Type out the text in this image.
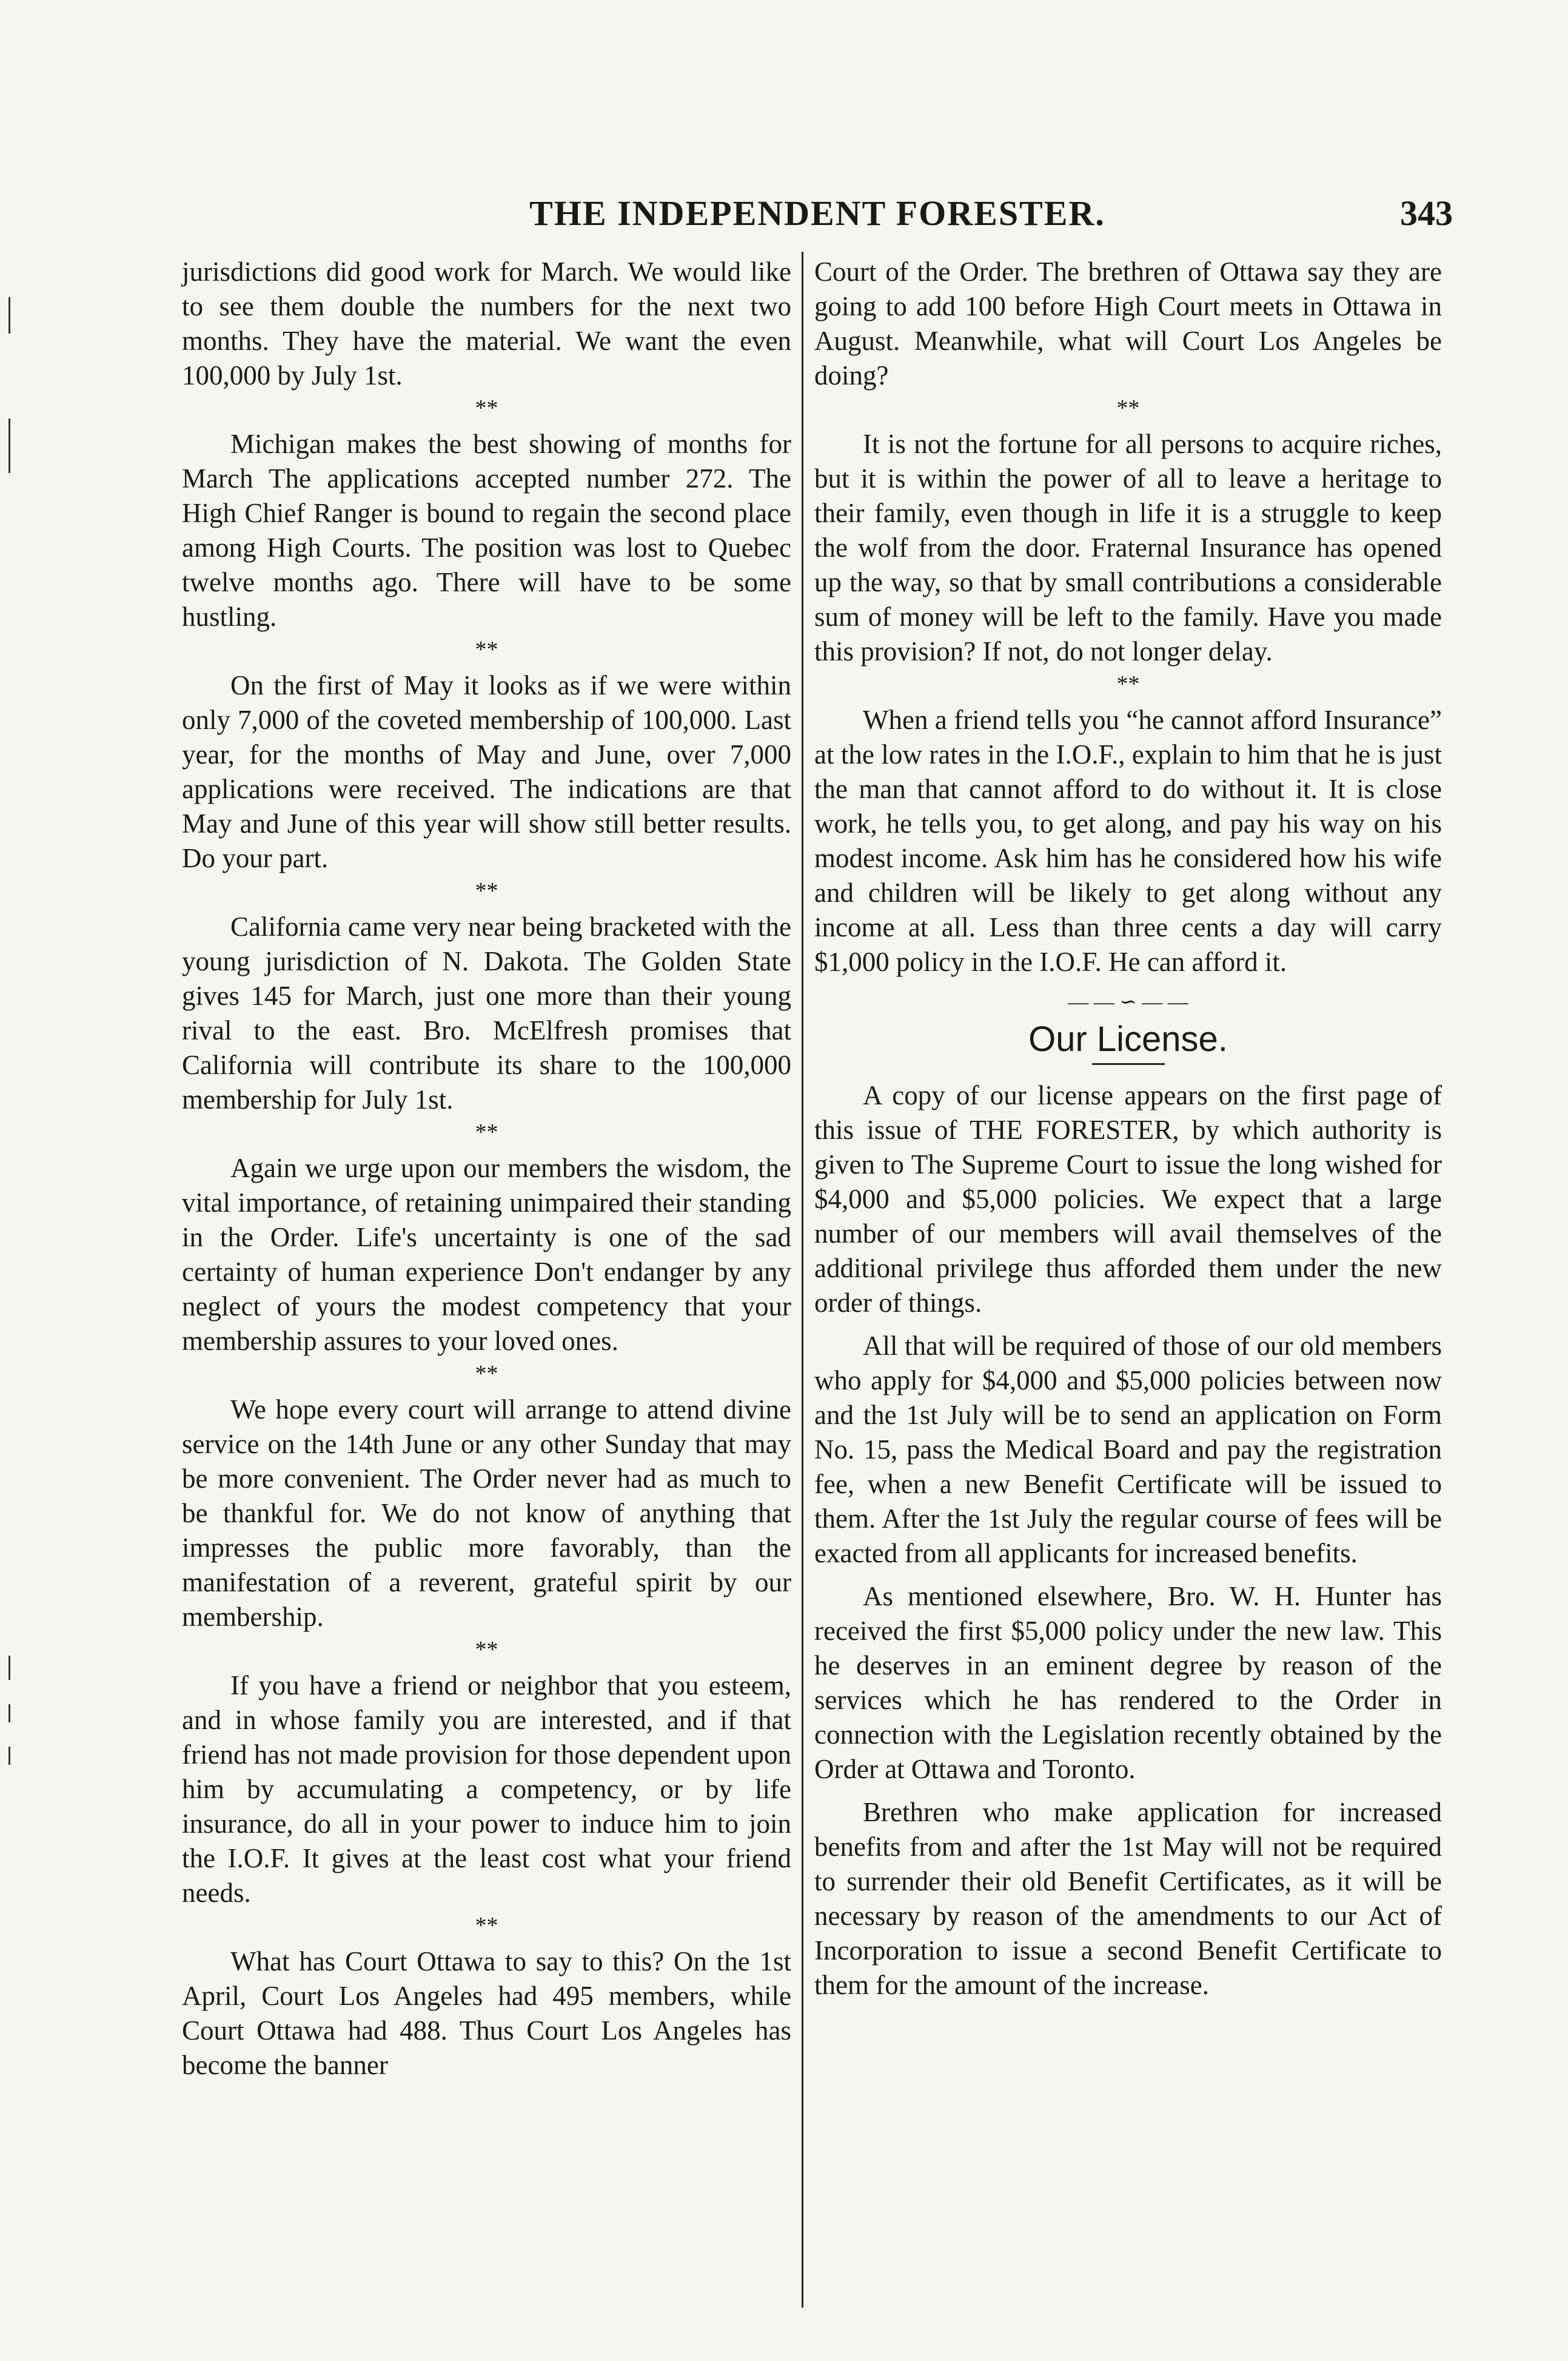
THE INDEPENDENT FORESTER.	343

jurisdictions did good work for March. We would like to see them double the numbers for the next two months. They have the material. We want the even 100,000 by July 1st.

**

Michigan makes the best showing of months for March The applications accepted number 272. The High Chief Ranger is bound to regain the second place among High Courts. The position was lost to Quebec twelve months ago. There will have to be some hustling.

**

On the first of May it looks as if we were within only 7,000 of the coveted membership of 100,000. Last year, for the months of May and June, over 7,000 applications were received. The indications are that May and June of this year will show still better results. Do your part.

**

California came very near being bracketed with the young jurisdiction of N. Dakota. The Golden State gives 145 for March, just one more than their young rival to the east. Bro. McElfresh promises that California will contribute its share to the 100,000 membership for July 1st.

**

Again we urge upon our members the wisdom, the vital importance, of retaining unimpaired their standing in the Order. Life's uncertainty is one of the sad certainty of human experience Don't endanger by any neglect of yours the modest competency that your membership assures to your loved ones.

**

We hope every court will arrange to attend divine service on the 14th June or any other Sunday that may be more convenient. The Order never had as much to be thankful for. We do not know of anything that impresses the public more favorably, than the manifestation of a reverent, grateful spirit by our membership.

**

If you have a friend or neighbor that you esteem, and in whose family you are interested, and if that friend has not made provision for those dependent upon him by accumulating a competency, or by life insurance, do all in your power to induce him to join the I.O.F. It gives at the least cost what your friend needs.

**

What has Court Ottawa to say to this? On the 1st April, Court Los Angeles had 495 members, while Court Ottawa had 488. Thus Court Los Angeles has become the banner

Court of the Order. The brethren of Ottawa say they are going to add 100 before High Court meets in Ottawa in August. Meanwhile, what will Court Los Angeles be doing?

**

It is not the fortune for all persons to acquire riches, but it is within the power of all to leave a heritage to their family, even though in life it is a struggle to keep the wolf from the door. Fraternal Insurance has opened up the way, so that by small contributions a considerable sum of money will be left to the family. Have you made this provision? If not, do not longer delay.

**

When a friend tells you “he cannot afford Insurance” at the low rates in the I.O.F., explain to him that he is just the man that cannot afford to do without it. It is close work, he tells you, to get along, and pay his way on his modest income. Ask him has he considered how his wife and children will be likely to get along without any income at all. Less than three cents a day will carry $1,000 policy in the I.O.F. He can afford it.

— — ∽ — —
Our License.

A copy of our license appears on the first page of this issue of THE FORESTER, by which authority is given to The Supreme Court to issue the long wished for $4,000 and $5,000 policies. We expect that a large number of our members will avail themselves of the additional privilege thus afforded them under the new order of things.

All that will be required of those of our old members who apply for $4,000 and $5,000 policies between now and the 1st July will be to send an application on Form No. 15, pass the Medical Board and pay the registration fee, when a new Benefit Certificate will be issued to them. After the 1st July the regular course of fees will be exacted from all applicants for increased benefits.

As mentioned elsewhere, Bro. W. H. Hunter has received the first $5,000 policy under the new law. This he deserves in an eminent degree by reason of the services which he has rendered to the Order in connection with the Legislation recently obtained by the Order at Ottawa and Toronto.

Brethren who make application for increased benefits from and after the 1st May will not be required to surrender their old Benefit Certificates, as it will be necessary by reason of the amendments to our Act of Incorporation to issue a second Benefit Certificate to them for the amount of the increase.
